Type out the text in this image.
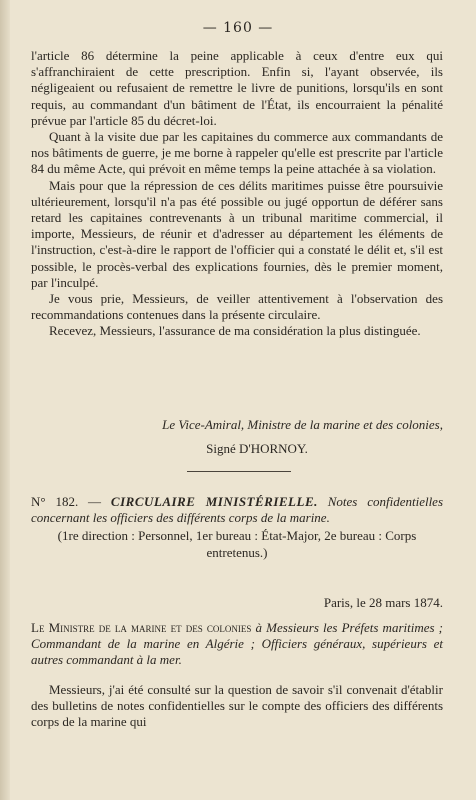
— 160 —

l'article 86 détermine la peine applicable à ceux d'entre eux qui s'affranchiraient de cette prescription. Enfin si, l'ayant observée, ils négligeaient ou refusaient de remettre le livre de punitions, lorsqu'ils en sont requis, au commandant d'un bâtiment de l'État, ils encourraient la pénalité prévue par l'article 85 du décret-loi.

Quant à la visite due par les capitaines du commerce aux commandants de nos bâtiments de guerre, je me borne à rappeler qu'elle est prescrite par l'article 84 du même Acte, qui prévoit en même temps la peine attachée à sa violation.

Mais pour que la répression de ces délits maritimes puisse être poursuivie ultérieurement, lorsqu'il n'a pas été possible ou jugé opportun de déférer sans retard les capitaines contrevenants à un tribunal maritime commercial, il importe, Messieurs, de réunir et d'adresser au département les éléments de l'instruction, c'est-à-dire le rapport de l'officier qui a constaté le délit et, s'il est possible, le procès-verbal des explications fournies, dès le premier moment, par l'inculpé.

Je vous prie, Messieurs, de veiller attentivement à l'observation des recommandations contenues dans la présente circulaire.

Recevez, Messieurs, l'assurance de ma considération la plus distinguée.

Le Vice-Amiral, Ministre de la marine et des colonies,
Signé D'HORNOY.

N° 182. — CIRCULAIRE MINISTÉRIELLE. Notes confidentielles concernant les officiers des différents corps de la marine.

(1re direction : Personnel, 1er bureau : État-Major, 2e bureau : Corps entretenus.)

Paris, le 28 mars 1874.

Le Ministre de la marine et des colonies à Messieurs les Préfets maritimes ; Commandant de la marine en Algérie ; Officiers généraux, supérieurs et autres commandant à la mer.

Messieurs, j'ai été consulté sur la question de savoir s'il convenait d'établir des bulletins de notes confidentielles sur le compte des officiers des différents corps de la marine qui
